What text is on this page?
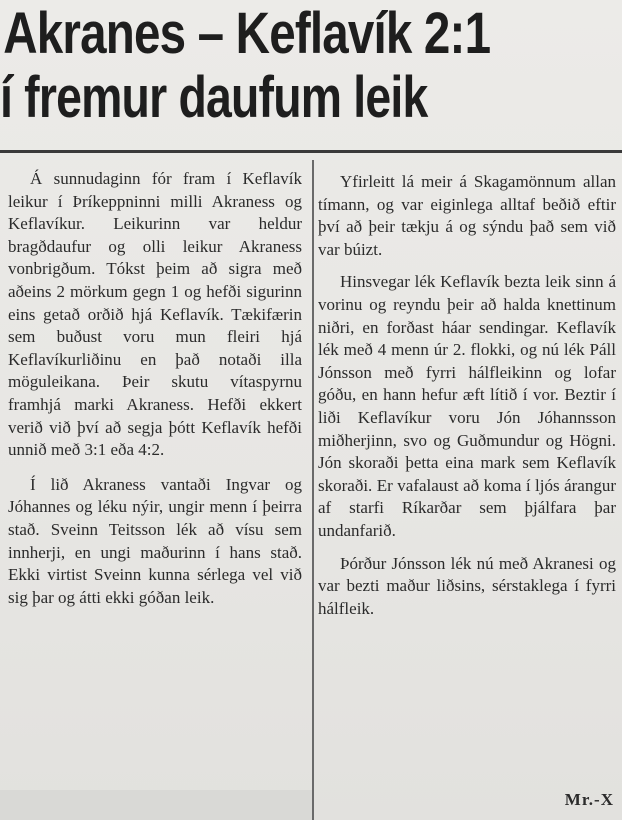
Akranes – Keflavík 2:1
í fremur daufum leik

Á sunnudaginn fór fram í Keflavík leikur í Þríkeppninni milli Akraness og Keflavíkur. Leikurinn var heldur bragðdaufur og olli leikur Akraness vonbrigðum. Tókst þeim að sigra með aðeins 2 mörkum gegn 1 og hefði sigurinn eins getað orðið hjá Keflavík. Tækifærin sem buðust voru mun fleiri hjá Keflavíkurliðinu en það notaði illa möguleikana. Þeir skutu vítaspyrnu framhjá marki Akraness. Hefði ekkert verið við því að segja þótt Keflavík hefði unnið með 3:1 eða 4:2.

Í lið Akraness vantaði Ingvar og Jóhannes og léku nýir, ungir menn í þeirra stað. Sveinn Teitsson lék að vísu sem innherji, en ungi maðurinn í hans stað. Ekki virtist Sveinn kunna sérlega vel við sig þar og átti ekki góðan leik.

Yfirleitt lá meir á Skagamönnum allan tímann, og var eiginlega alltaf beðið eftir því að þeir tækju á og sýndu það sem við var búizt.

Hinsvegar lék Keflavík bezta leik sinn á vorinu og reyndu þeir að halda knettinum niðri, en forðast háar sendingar. Keflavík lék með 4 menn úr 2. flokki, og nú lék Páll Jónsson með fyrri hálfleikinn og lofar góðu, en hann hefur æft lítið í vor. Beztir í liði Keflavíkur voru Jón Jóhannsson miðherjinn, svo og Guðmundur og Högni. Jón skoraði þetta eina mark sem Keflavík skoraði. Er vafalaust að koma í ljós árangur af starfi Ríkarðar sem þjálfara þar undanfarið.

Þórður Jónsson lék nú með Akranesi og var bezti maður liðsins, sérstaklega í fyrri hálfleik.

Mr.-X
